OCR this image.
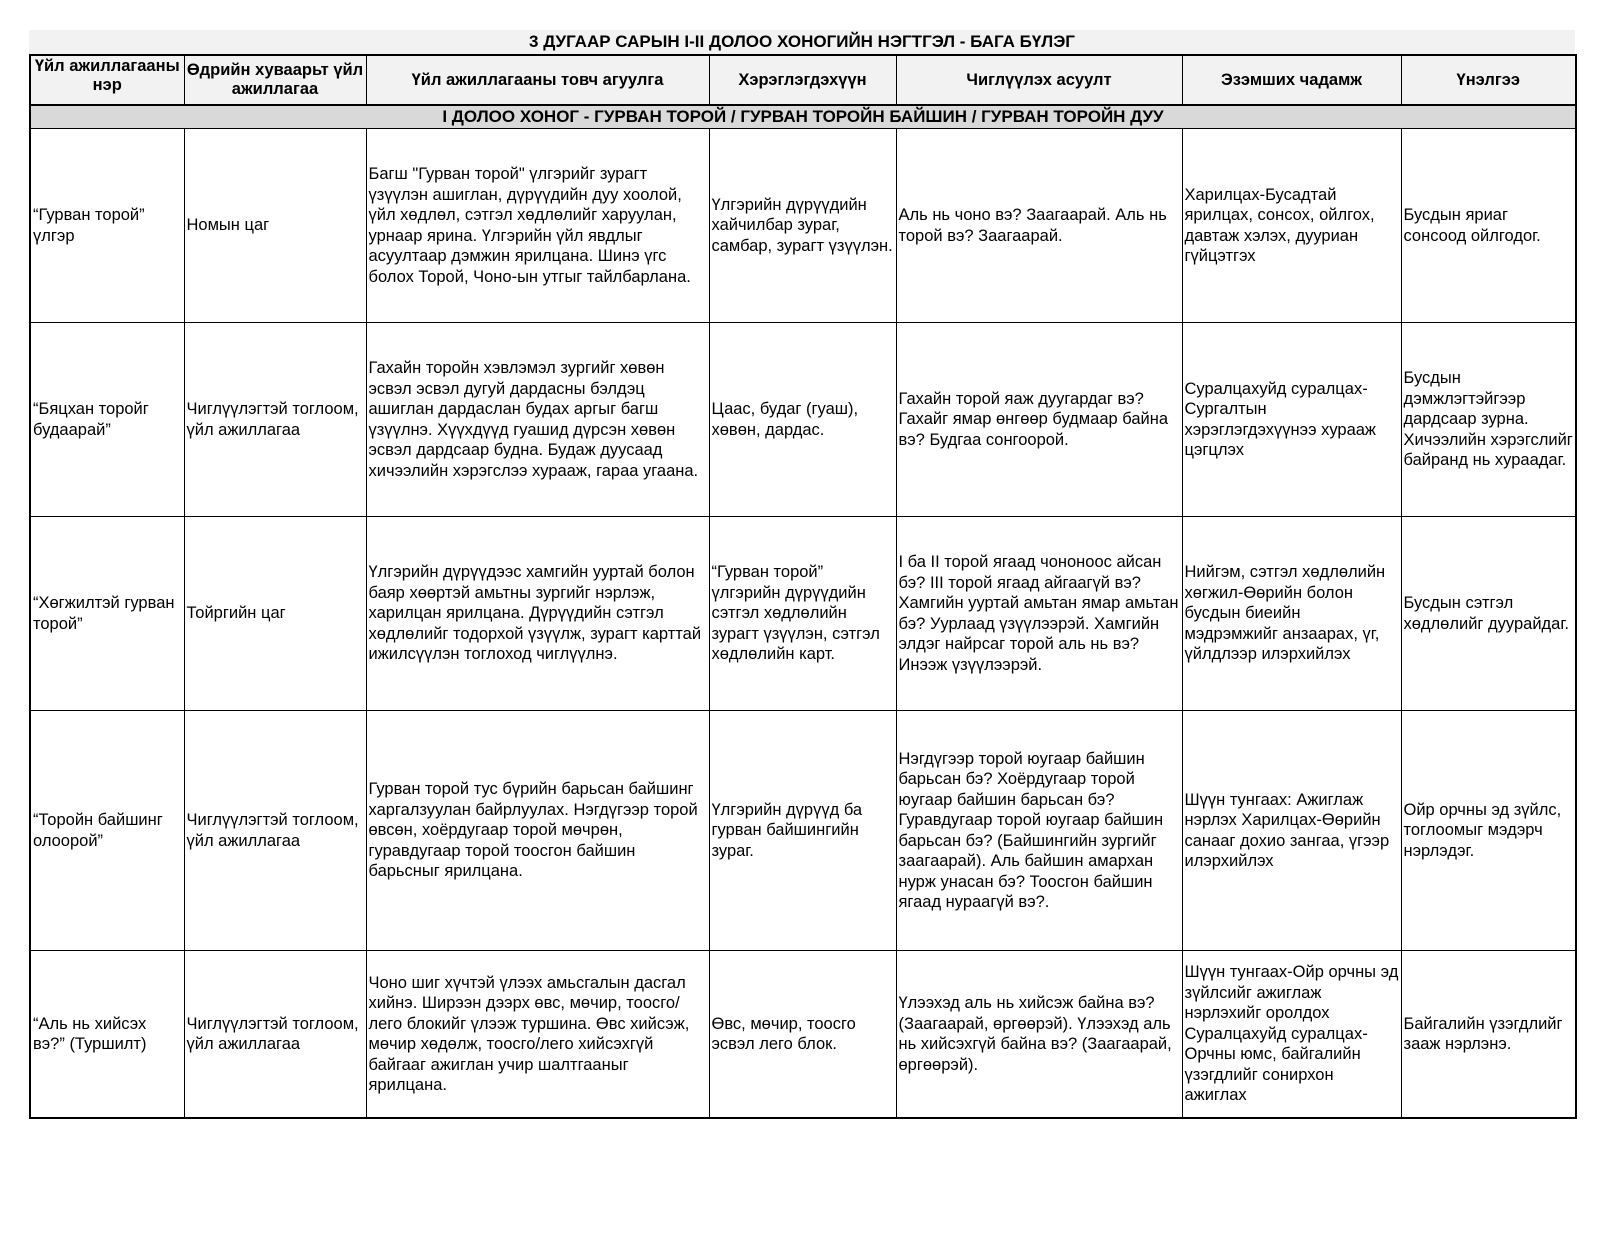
3 ДУГААР САРЫН I-II ДОЛОО ХОНОГИЙН НЭГТГЭЛ - БАГА БҮЛЭГ
Үйл ажиллагааны нэр	Өдрийн хуваарьт үйл ажиллагаа	Үйл ажиллагааны товч агуулга	Хэрэглэгдэхүүн	Чиглүүлэх асуулт	Эзэмших чадамж	Үнэлгээ
I ДОЛОО ХОНОГ - ГУРВАН ТОРОЙ / ГУРВАН ТОРОЙН БАЙШИН / ГУРВАН ТОРОЙН ДУУ						
“Гурван торой” үлгэр	Номын цаг	Багш "Гурван торой" үлгэрийг зурагт үзүүлэн ашиглан, дүрүүдийн дуу хоолой, үйл хөдлөл, сэтгэл хөдлөлийг харуулан, урнаар ярина. Үлгэрийн үйл явдлыг асуултаар дэмжин ярилцана. Шинэ үгс болох Торой, Чоно-ын утгыг тайлбарлана.	Үлгэрийн дүрүүдийн хайчилбар зураг, самбар, зурагт үзүүлэн.	Аль нь чоно вэ? Заагаарай. Аль нь торой вэ? Заагаарай.	Харилцах-Бусадтай ярилцах, сонсох, ойлгох, давтаж хэлэх, дууриан гүйцэтгэх	Бусдын яриаг сонсоод ойлгодог.
“Бяцхан торойг будаарай”	Чиглүүлэгтэй тоглоом, үйл ажиллагаа	Гахайн торойн хэвлэмэл зургийг хөвөн эсвэл эсвэл дугуй дардасны бэлдэц ашиглан дардаслан будах аргыг багш үзүүлнэ. Хүүхдүүд гуашид дүрсэн хөвөн эсвэл дардсаар будна. Будаж дуусаад хичээлийн хэрэгслээ хурааж, гараа угаана.	Цаас, будаг (гуаш), хөвөн, дардас.	Гахайн торой яаж дуугардаг вэ? Гахайг ямар өнгөөр будмаар байна вэ? Будгаа сонгоорой.	Суралцахуйд суралцах-Сургалтын хэрэглэгдэхүүнээ хурааж цэгцлэх	Бусдын дэмжлэгтэйгээр дардсаар зурна. Хичээлийн хэрэгслийг байранд нь хураадаг.
“Хөгжилтэй гурван торой”	Тойргийн цаг	Үлгэрийн дүрүүдээс хамгийн ууртай болон баяр хөөртэй амьтны зургийг нэрлэж, харилцан ярилцана. Дүрүүдийн сэтгэл хөдлөлийг тодорхой үзүүлж, зурагт карттай ижилсүүлэн тоглоход чиглүүлнэ.	“Гурван торой” үлгэрийн дүрүүдийн сэтгэл хөдлөлийн зурагт үзүүлэн, сэтгэл хөдлөлийн карт.	I ба II торой ягаад чононоос айсан бэ? III торой ягаад айгаагүй вэ? Хамгийн ууртай амьтан ямар амьтан бэ? Уурлаад үзүүлээрэй. Хамгийн элдэг найрсаг торой аль нь вэ? Инээж үзүүлээрэй.	Нийгэм, сэтгэл хөдлөлийн хөгжил-Өөрийн болон бусдын биеийн мэдрэмжийг анзаарах, үг, үйлдлээр илэрхийлэх	Бусдын сэтгэл хөдлөлийг дуурайдаг.
“Торойн байшинг олоорой”	Чиглүүлэгтэй тоглоом, үйл ажиллагаа	Гурван торой тус бүрийн барьсан байшинг харгалзуулан байрлуулах. Нэгдүгээр торой өвсөн, хоёрдугаар торой мөчрөн, гуравдугаар торой тоосгон байшин барьсныг ярилцана.	Үлгэрийн дүрүүд ба гурван байшингийн зураг.	Нэгдүгээр торой юугаар байшин барьсан бэ? Хоёрдугаар торой юугаар байшин барьсан бэ? Гуравдугаар торой юугаар байшин барьсан бэ? (Байшингийн зургийг заагаарай). Аль байшин амархан нурж унасан бэ? Тоосгон байшин ягаад нураагүй вэ?.	Шүүн тунгаах: Ажиглаж нэрлэх Харилцах-Өөрийн санааг дохио зангаа, үгээр илэрхийлэх	Ойр орчны эд зүйлс, тоглоомыг мэдэрч нэрлэдэг.
“Аль нь хийсэх вэ?” (Туршилт)	Чиглүүлэгтэй тоглоом, үйл ажиллагаа	Чоно шиг хүчтэй үлээх амьсгалын дасгал хийнэ. Ширээн дээрх өвс, мөчир, тоосго/лего блокийг үлээж туршина. Өвс хийсэж, мөчир хөдөлж, тоосго/лего хийсэхгүй байгааг ажиглан учир шалтгааныг ярилцана.	Өвс, мөчир, тоосго эсвэл лего блок.	Үлээхэд аль нь хийсэж байна вэ? (Заагаарай, өргөөрэй). Үлээхэд аль нь хийсэхгүй байна вэ? (Заагаарай, өргөөрэй).	Шүүн тунгаах-Ойр орчны эд зүйлсийг ажиглаж нэрлэхийг оролдох Суралцахуйд суралцах-Орчны юмс, байгалийн үзэгдлийг сонирхон ажиглах	Байгалийн үзэгдлийг зааж нэрлэнэ.
